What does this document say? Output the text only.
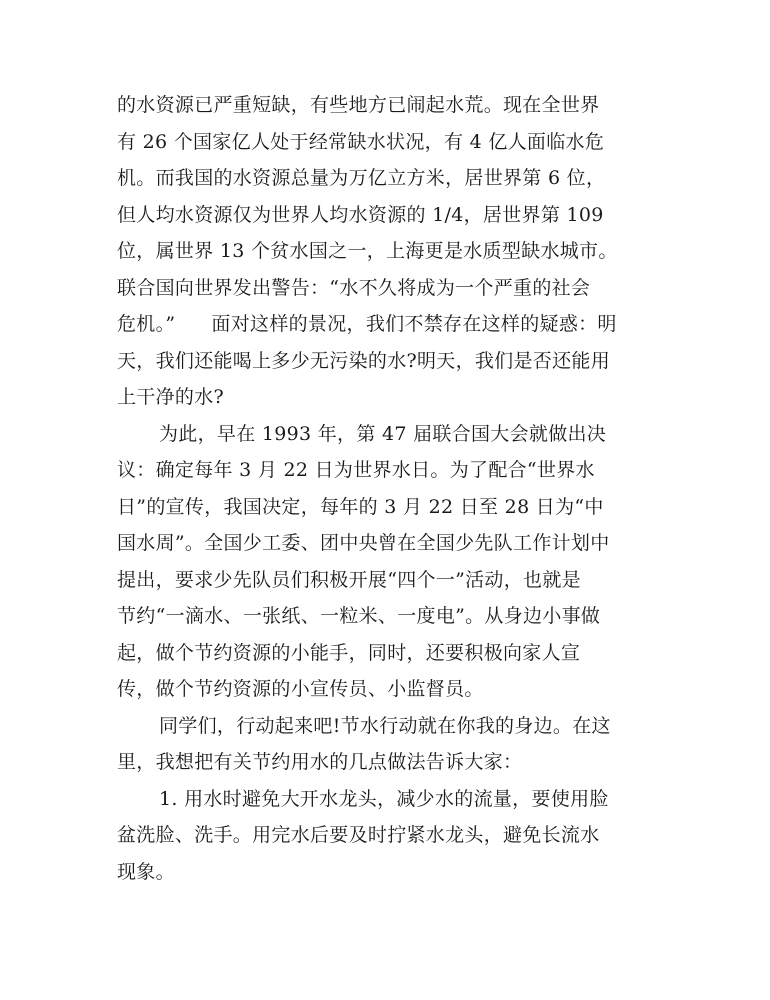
的水资源已严重短缺，有些地方已闹起水荒。现在全世界
有 26 个国家亿人处于经常缺水状况，有 4 亿人面临水危
机。而我国的水资源总量为万亿立方米，居世界第 6 位，
但人均水资源仅为世界人均水资源的 1/4，居世界第 109
位，属世界 13 个贫水国之一，上海更是水质型缺水城市。
联合国向世界发出警告：“水不久将成为一个严重的社会
危机。” 面对这样的景况，我们不禁存在这样的疑惑：明
天，我们还能喝上多少无污染的水?明天，我们是否还能用
上干净的水?
为此，早在 1993 年，第 47 届联合国大会就做出决
议：确定每年 3 月 22 日为世界水日。为了配合“世界水
日”的宣传，我国决定，每年的 3 月 22 日至 28 日为“中
国水周”。全国少工委、团中央曾在全国少先队工作计划中
提出，要求少先队员们积极开展“四个一”活动，也就是
节约“一滴水、一张纸、一粒米、一度电”。从身边小事做
起，做个节约资源的小能手，同时，还要积极向家人宣
传，做个节约资源的小宣传员、小监督员。
同学们，行动起来吧!节水行动就在你我的身边。在这
里，我想把有关节约用水的几点做法告诉大家：
1. 用水时避免大开水龙头，减少水的流量，要使用脸
盆洗脸、洗手。用完水后要及时拧紧水龙头，避免长流水
现象。
